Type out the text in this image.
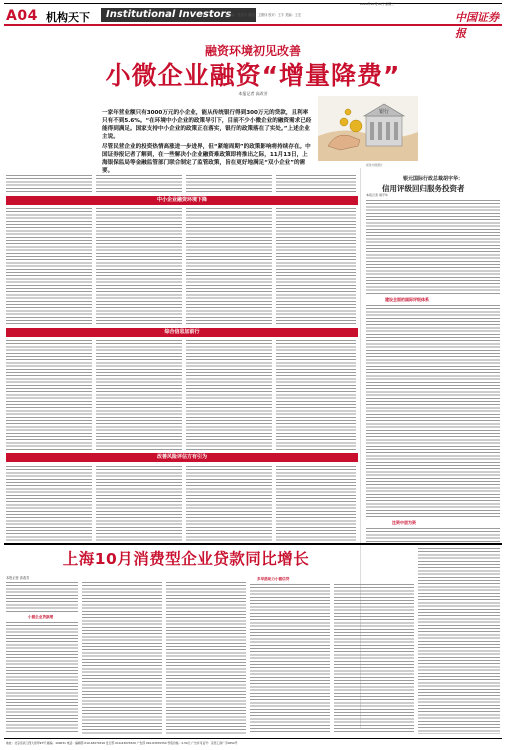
A04 机构天下	Institutional Investors
2018年10月30日 星期二
主编：张星宇 版面：卫德伟 校对：王宇 美编：王宏	中国证券报
融资环境初见改善
小微企业融资“增量降费”
本报记者 高改芳
一家年营业额只有3000万元的小企业，能从传统银行得到300万元的贷款，且利率只有不到5.6%。“在环境中小企业的政策导引下，目前不少小微企业的融资需求已经能得到满足。国家支持中小企业的政策正在落实，银行的政策落在了实处。”上述企业主说。
尽管民营企业的投资热情高涨进一步进界，但“紧缩周期”的政策影响将持续存在。中国证券报记者了解到，在一些解决小企业融资难政策即将推出之际，11月13日，上海银保监局等金融监管部门联合制定了监管政策，旨在更好地满足“双小企业”的需要。
银行
视觉中国图片
中小企业融资环境下降
综合信息加前行
改善风险评估方有引为
银元国际行政总裁胡宇华：
信用评级回归服务投资者
本报记者 胡平华
建设全面的国际评级体系
注资中层为资
上海10月消费型企业贷款同比增长
本报记者 高改芳
小微企业贷款增
多举措助力小微信贷
地址：北京宣武门西大街甲97号 邮编：100031 电话：编辑部 010-63070316 发行部 010-63070329 广告部 010-63070350 零售价格：2.50元 广告许可证号：京西工商广字0052号
